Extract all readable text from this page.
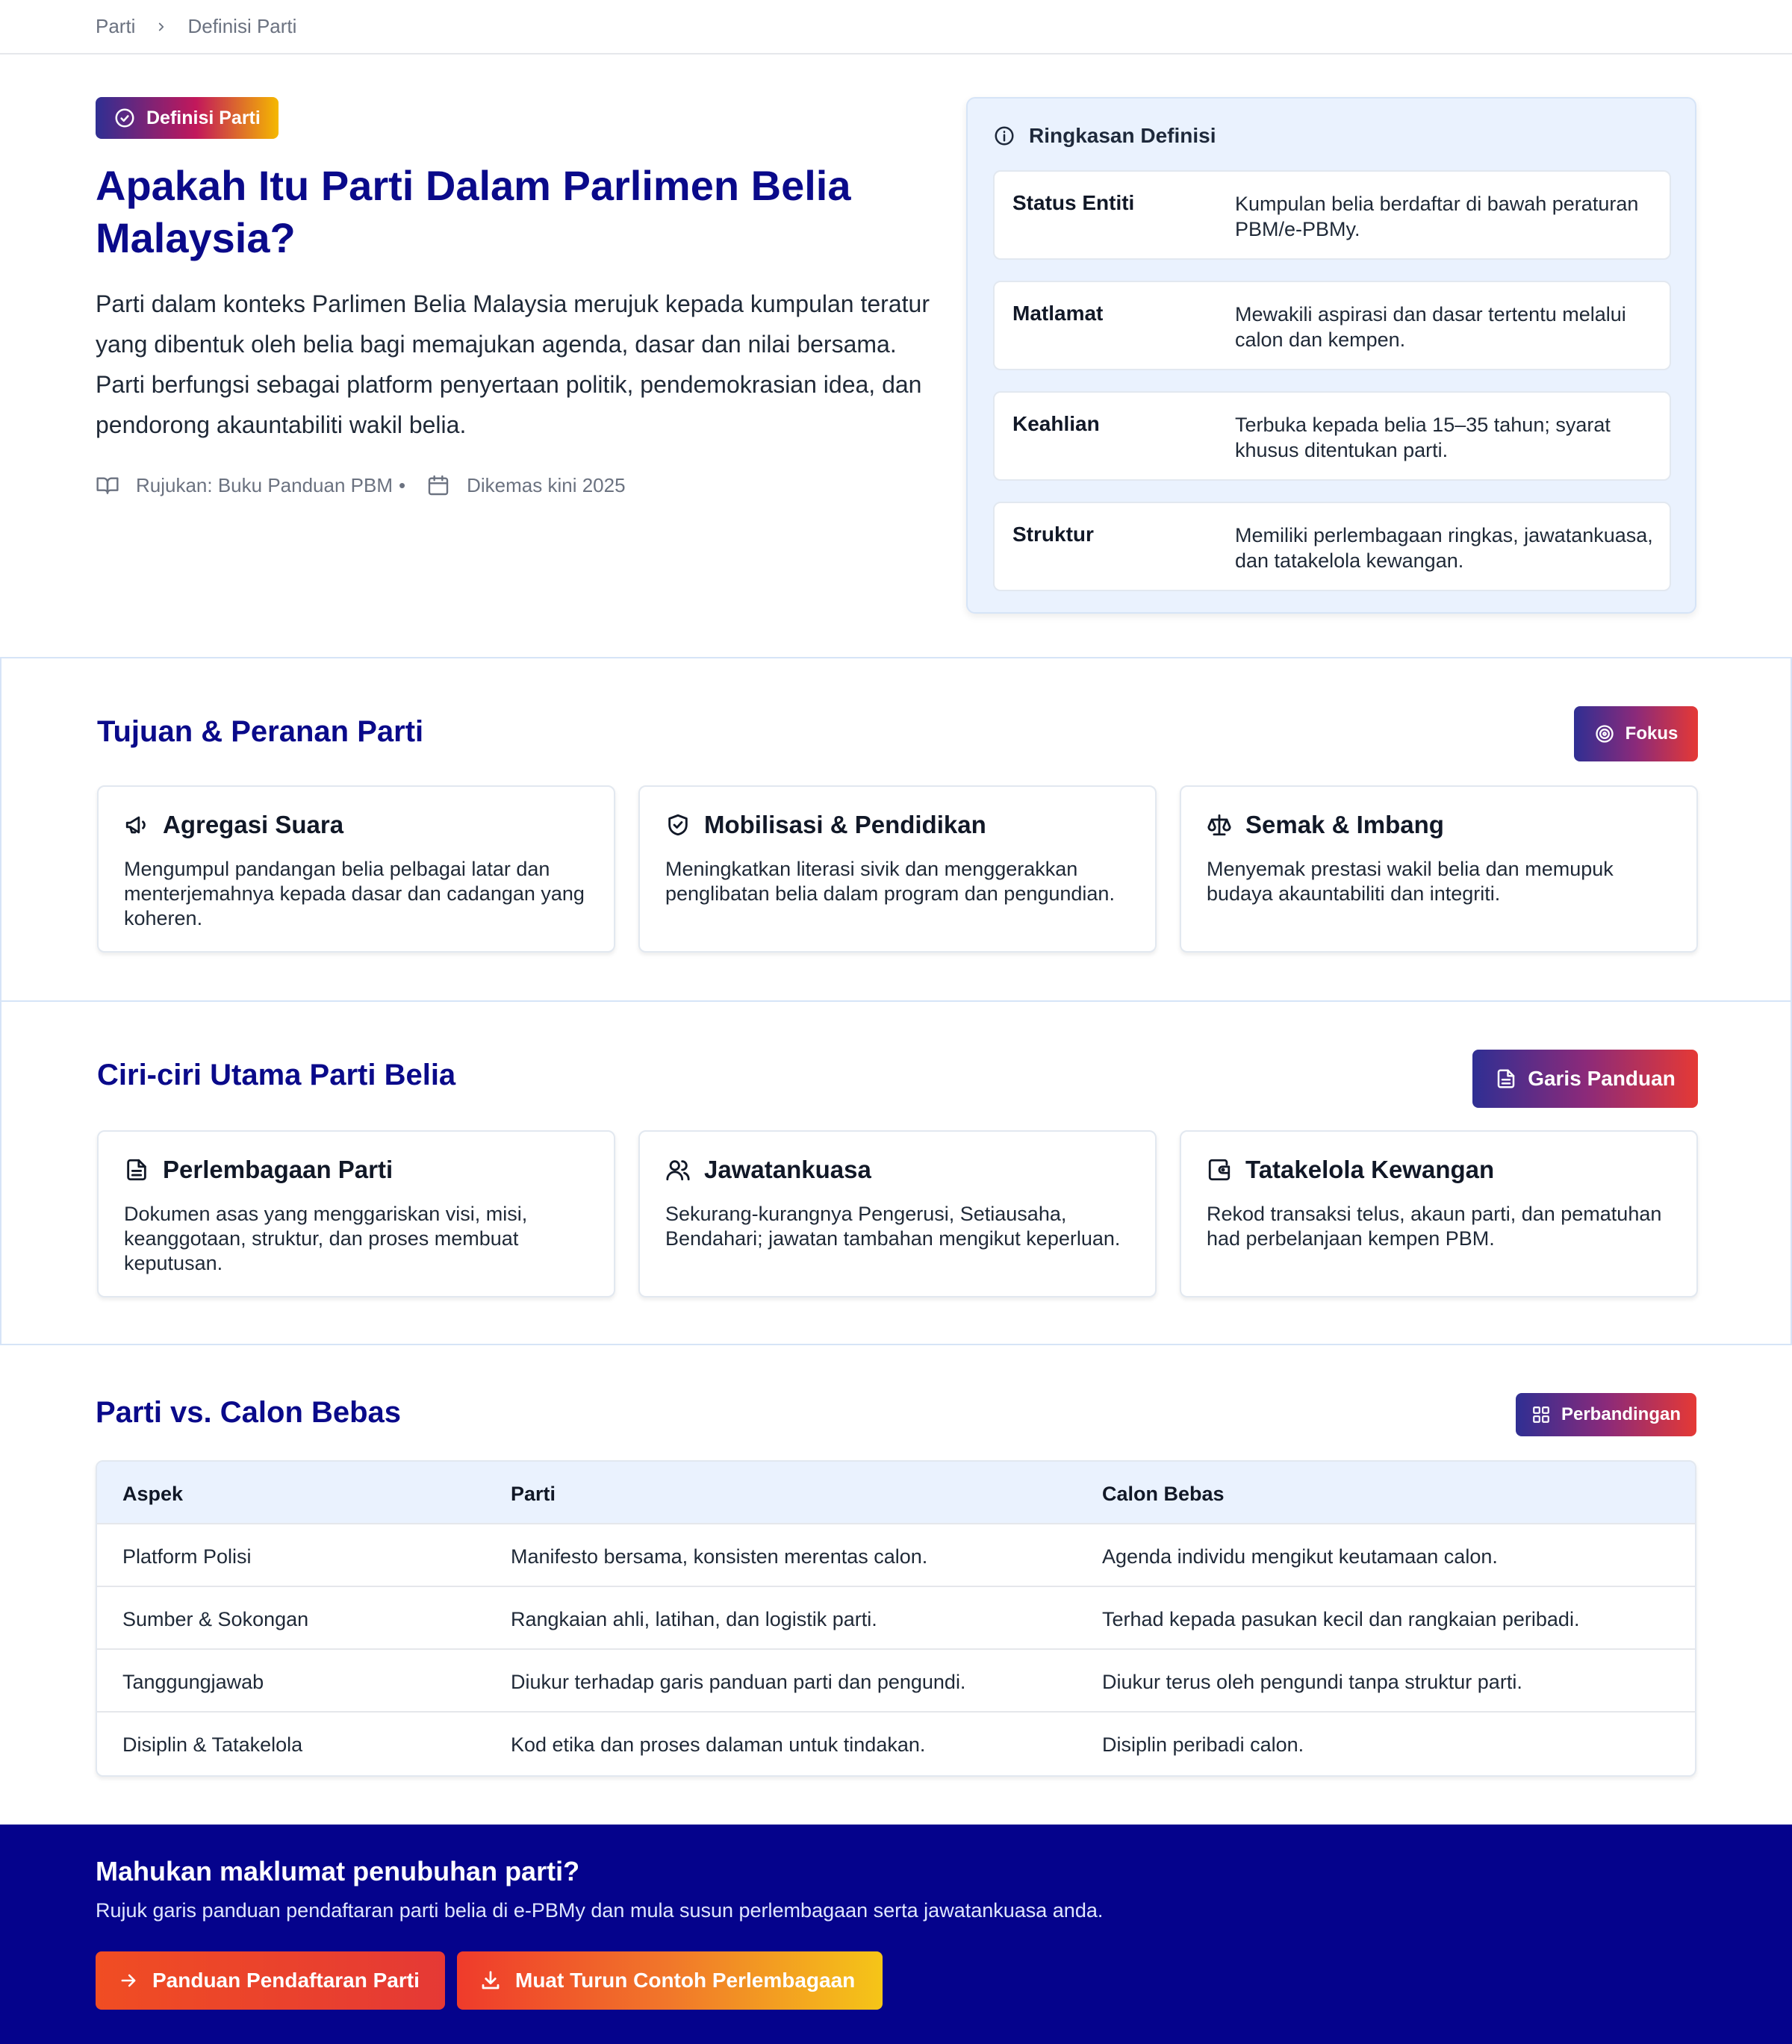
Parti	Definisi Parti
Definisi Parti
Apakah Itu Parti Dalam Parlimen Belia Malaysia?

Parti dalam konteks Parlimen Belia Malaysia merujuk kepada kumpulan teratur yang dibentuk oleh belia bagi memajukan agenda, dasar dan nilai bersama. Parti berfungsi sebagai platform penyertaan politik, pendemokrasian idea, dan pendorong akauntabiliti wakil belia.

Rujukan: Buku Panduan PBM •	Dikemas kini 2025
Ringkasan Definisi
Status Entiti	Kumpulan belia berdaftar di bawah peraturan PBM/e-PBMy.
Matlamat	Mewakili aspirasi dan dasar tertentu melalui calon dan kempen.
Keahlian	Terbuka kepada belia 15–35 tahun; syarat khusus ditentukan parti.
Struktur	Memiliki perlembagaan ringkas, jawatankuasa, dan tatakelola kewangan.
Tujuan & Peranan Parti	Fokus
Agregasi Suara
Mengumpul pandangan belia pelbagai latar dan menterjemahnya kepada dasar dan cadangan yang koheren.
Mobilisasi & Pendidikan
Meningkatkan literasi sivik dan menggerakkan penglibatan belia dalam program dan pengundian.
Semak & Imbang
Menyemak prestasi wakil belia dan memupuk budaya akauntabiliti dan integriti.
Ciri-ciri Utama Parti Belia	Garis Panduan
Perlembagaan Parti
Dokumen asas yang menggariskan visi, misi, keanggotaan, struktur, dan proses membuat keputusan.
Jawatankuasa
Sekurang-kurangnya Pengerusi, Setiausaha, Bendahari; jawatan tambahan mengikut keperluan.
Tatakelola Kewangan
Rekod transaksi telus, akaun parti, dan pematuhan had perbelanjaan kempen PBM.
Parti vs. Calon Bebas	Perbandingan
Aspek	Parti	Calon Bebas
Platform Polisi	Manifesto bersama, konsisten merentas calon.	Agenda individu mengikut keutamaan calon.
Sumber & Sokongan	Rangkaian ahli, latihan, dan logistik parti.	Terhad kepada pasukan kecil dan rangkaian peribadi.
Tanggungjawab	Diukur terhadap garis panduan parti dan pengundi.	Diukur terus oleh pengundi tanpa struktur parti.
Disiplin & Tatakelola	Kod etika dan proses dalaman untuk tindakan.	Disiplin peribadi calon.
Mahukan maklumat penubuhan parti?

Rujuk garis panduan pendaftaran parti belia di e-PBMy dan mula susun perlembagaan serta jawatankuasa anda.

Panduan Pendaftaran Parti	Muat Turun Contoh Perlembagaan
